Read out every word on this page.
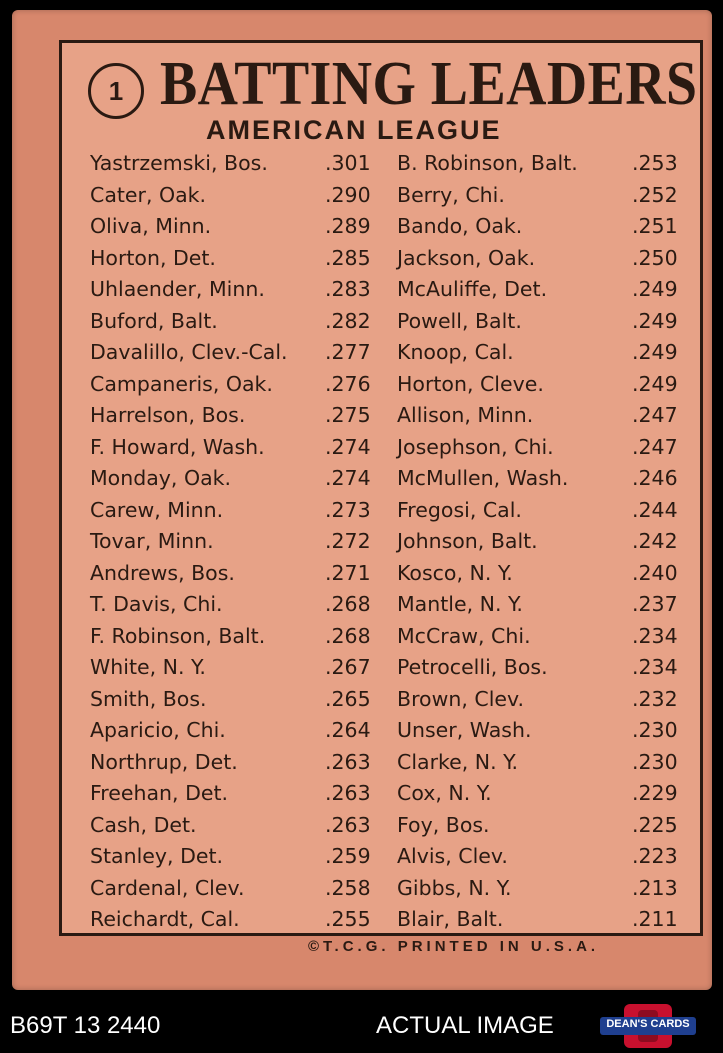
1 BATTING LEADERS
AMERICAN LEAGUE
Yastrzemski, Bos.	.301
Cater, Oak.	.290
Oliva, Minn.	.289
Horton, Det.	.285
Uhlaender, Minn.	.283
Buford, Balt.	.282
Davalillo, Clev.-Cal. .277
Campaneris, Oak.	.276
Harrelson, Bos.	.275
F. Howard, Wash.	.274
Monday, Oak.	.274
Carew, Minn.	.273
Tovar, Minn.	.272
Andrews, Bos.	.271
T. Davis, Chi.	.268
F. Robinson, Balt.	.268
White, N. Y.	.267
Smith, Bos.	.265
Aparicio, Chi.	.264
Northrup, Det.	.263
Freehan, Det.	.263
Cash, Det.	.263
Stanley, Det.	.259
Cardenal, Clev.	.258
Reichardt, Cal.	.255
B. Robinson, Balt.	.253
Berry, Chi.	.252
Bando, Oak.	.251
Jackson, Oak.	.250
McAuliffe, Det.	.249
Powell, Balt.	.249
Knoop, Cal.	.249
Horton, Cleve.	.249
Allison, Minn.	.247
Josephson, Chi.	.247
McMullen, Wash.	.246
Fregosi, Cal.	.244
Johnson, Balt.	.242
Kosco, N. Y.	.240
Mantle, N. Y.	.237
McCraw, Chi.	.234
Petrocelli, Bos.	.234
Brown, Clev.	.232
Unser, Wash.	.230
Clarke, N. Y.	.230
Cox, N. Y.	.229
Foy, Bos.	.225
Alvis, Clev.	.223
Gibbs, N. Y.	.213
Blair, Balt.	.211

©T.C.G. PRINTED IN U.S.A.

B69T 13 2440	ACTUAL IMAGE	DEAN'S CARDS
